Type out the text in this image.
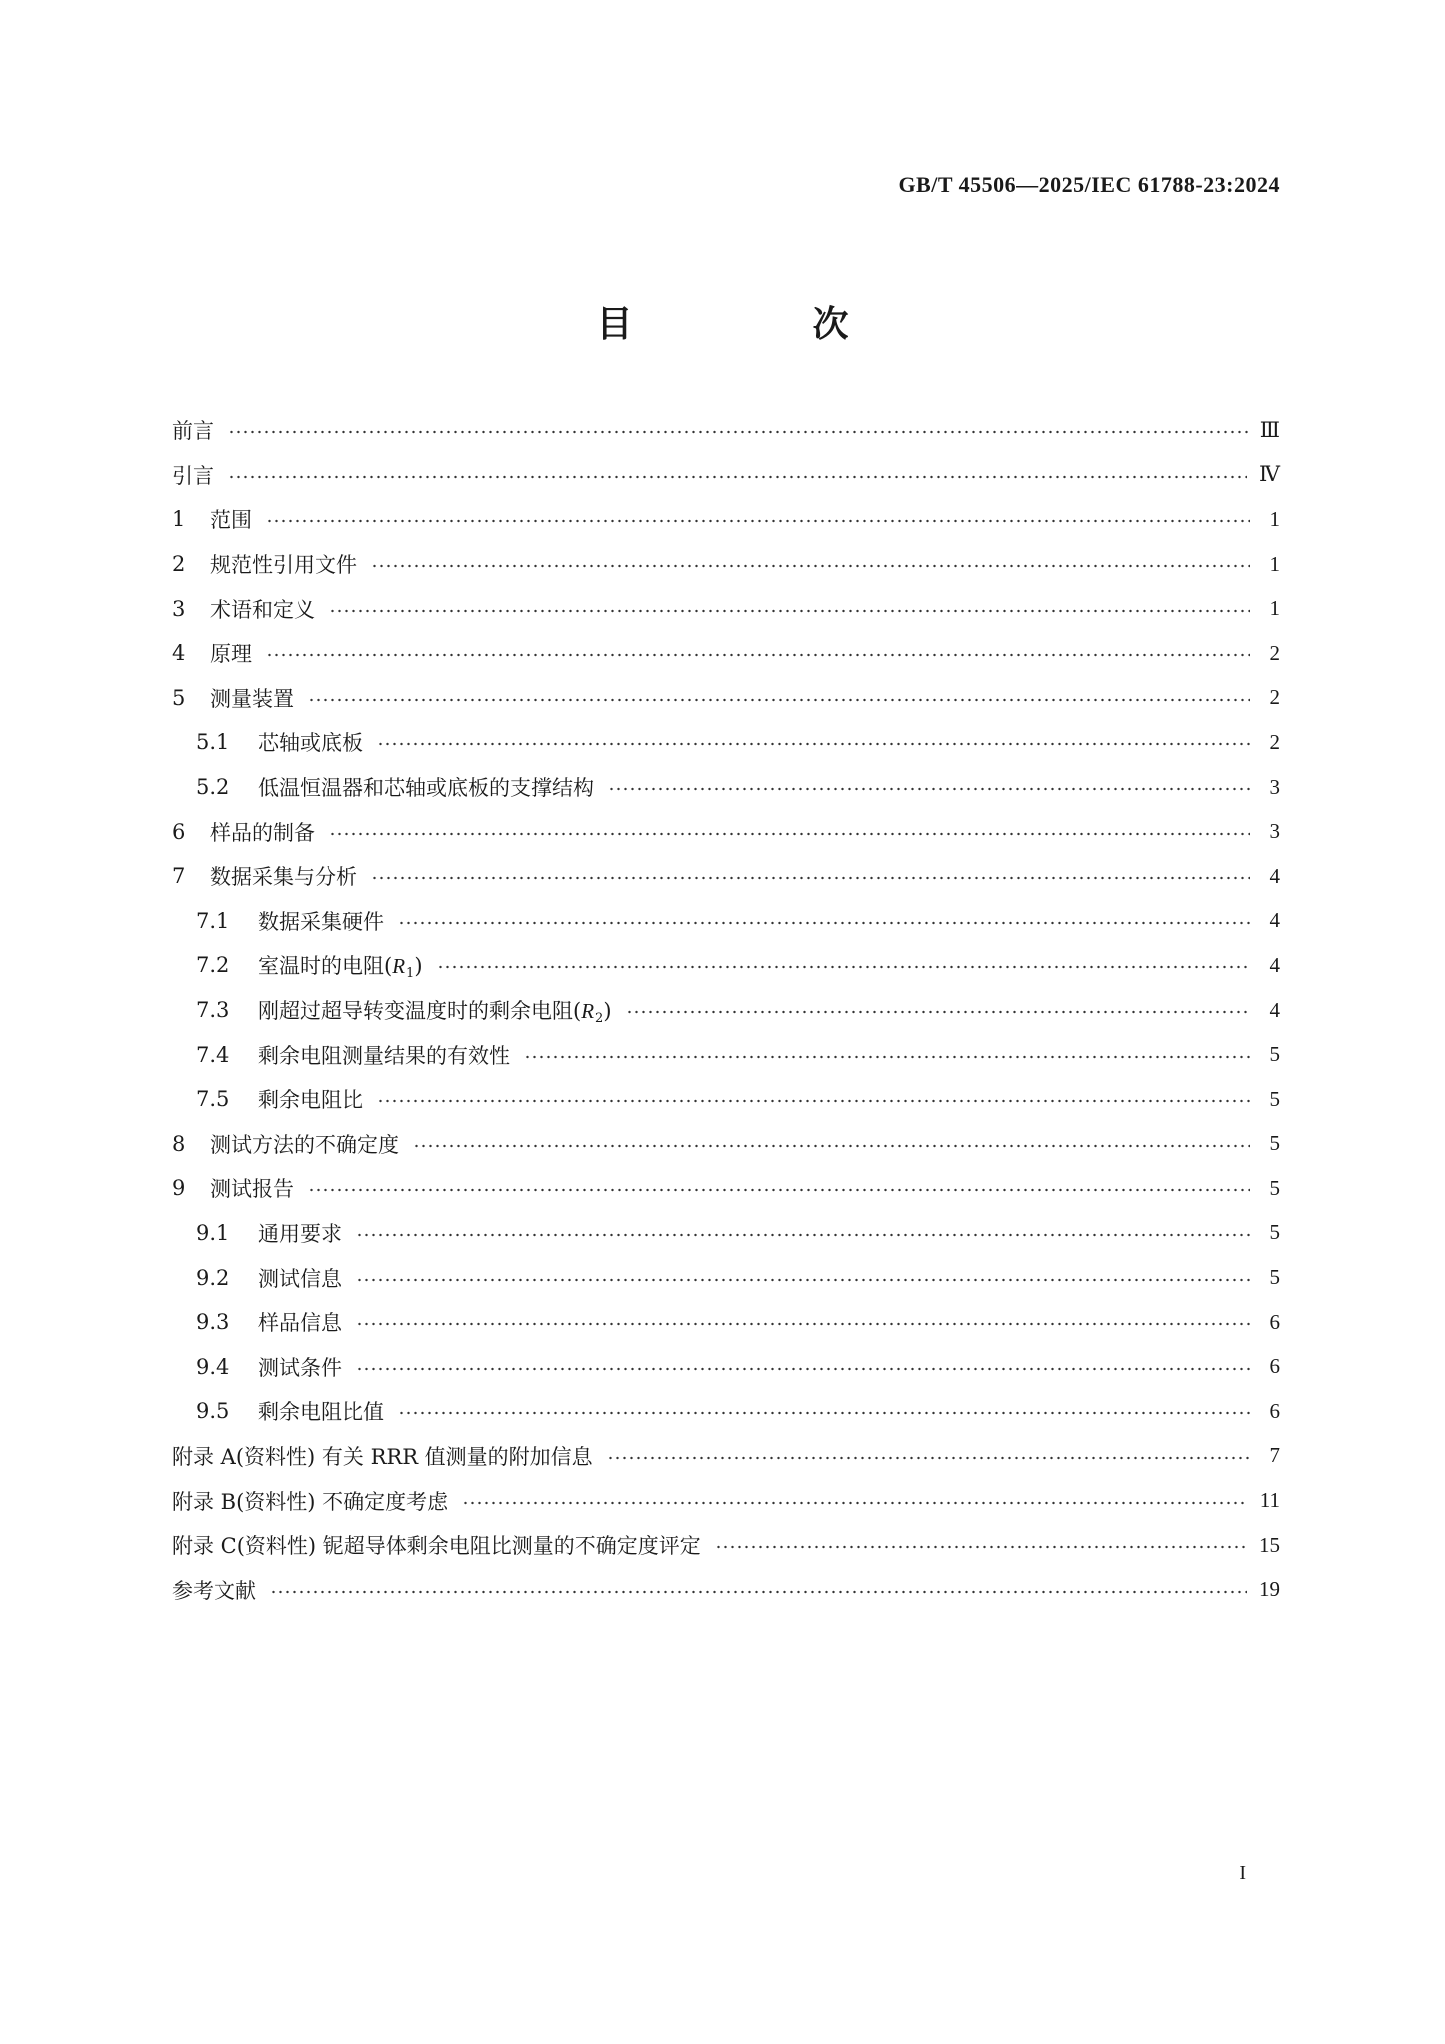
GB/T 45506—2025/IEC 61788-23:2024
目　次
前言	Ⅲ
引言	Ⅳ
1	范围	1
2	规范性引用文件	1
3	术语和定义	1
4	原理	2
5	测量装置	2
5.1	芯轴或底板	2
5.2	低温恒温器和芯轴或底板的支撑结构	3
6	样品的制备	3
7	数据采集与分析	4
7.1	数据采集硬件	4
7.2	室温时的电阻(R1)	4
7.3	刚超过超导转变温度时的剩余电阻(R2)	4
7.4	剩余电阻测量结果的有效性	5
7.5	剩余电阻比	5
8	测试方法的不确定度	5
9	测试报告	5
9.1	通用要求	5
9.2	测试信息	5
9.3	样品信息	6
9.4	测试条件	6
9.5	剩余电阻比值	6
附录 A(资料性) 有关 RRR 值测量的附加信息	7
附录 B(资料性) 不确定度考虑	11
附录 C(资料性) 铌超导体剩余电阻比测量的不确定度评定	15
参考文献	19
I
